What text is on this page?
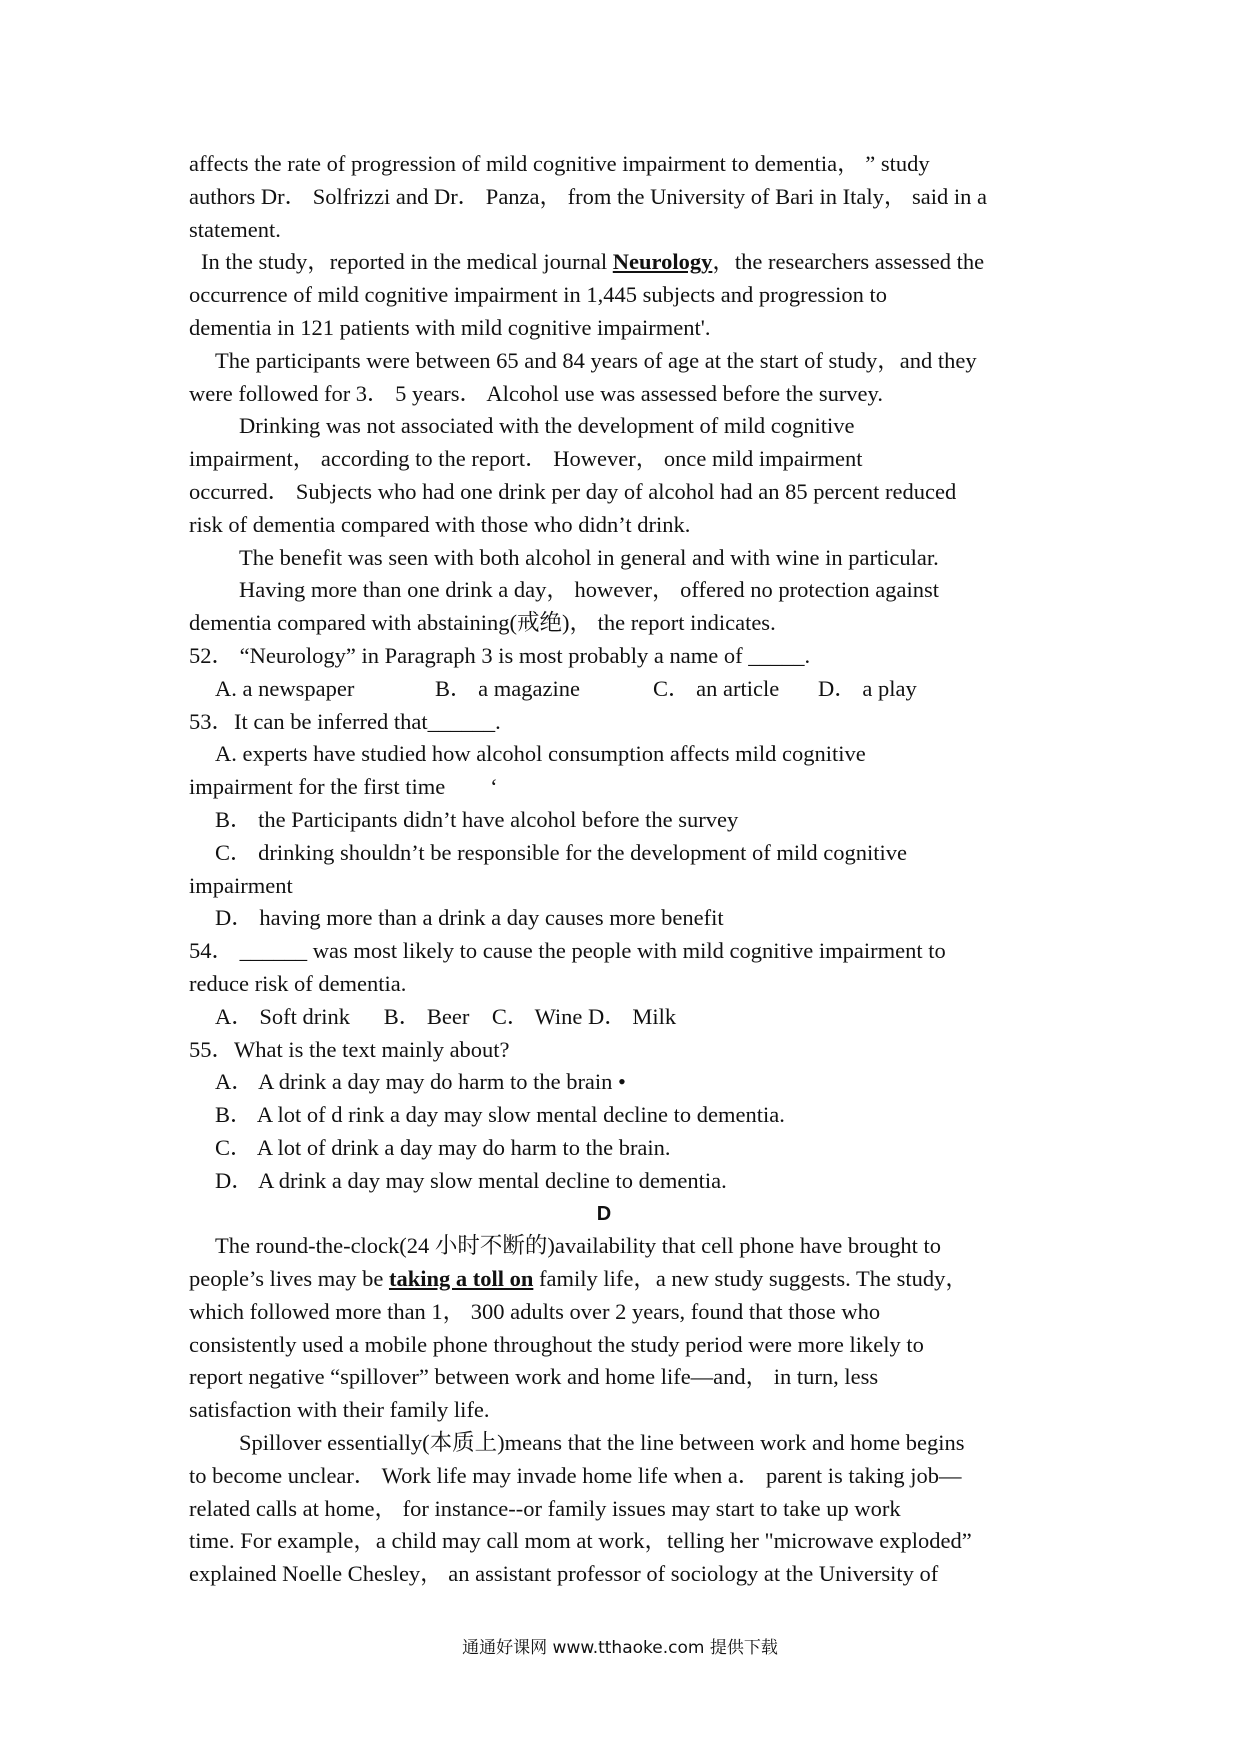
affects the rate of progression of mild cognitive impairment to dementia， ” study
authors Dr． Solfrizzi and Dr． Panza， from the University of Bari in Italy， said in a
statement.
In the study，reported in the medical journal Neurology，the researchers assessed the
occurrence of mild cognitive impairment in 1,445 subjects and progression to
dementia in 121 patients with mild cognitive impairment'.
The participants were between 65 and 84 years of age at the start of study，and they
were followed for 3． 5 years． Alcohol use was assessed before the survey.
Drinking was not associated with the development of mild cognitive
impairment， according to the report． However， once mild impairment
occurred． Subjects who had one drink per day of alcohol had an 85 percent reduced
risk of dementia compared with those who didn’t drink.
The benefit was seen with both alcohol in general and with wine in particular.
Having more than one drink a day， however， offered no protection against
dementia compared with abstaining(戒绝)， the report indicates.
52． “Neurology” in Paragraph 3 is most probably a name of _____.
A. a newspaper	B． a magazine	C． an article D． a play
53．It can be inferred that______.
A. experts have studied how alcohol consumption affects mild cognitive
impairment for the first time        ‘
B． the Participants didn’t have alcohol before the survey
C． drinking shouldn’t be responsible for the development of mild cognitive
impairment
D． having more than a drink a day causes more benefit
54． ______ was most likely to cause the people with mild cognitive impairment to
reduce risk of dementia.
A． Soft drink      B． Beer    C． Wine D． Milk
55．What is the text mainly about?
A． A drink a day may do harm to the brain •
B． A lot of d rink a day may slow mental decline to dementia.
C． A lot of drink a day may do harm to the brain.
D． A drink a day may slow mental decline to dementia.
D
The round-the-clock(24 小时不断的)availability that cell phone have brought to
people’s lives may be taking a toll on family life，a new study suggests. The study，
which followed more than 1， 300 adults over 2 years, found that those who
consistently used a mobile phone throughout the study period were more likely to
report negative “spillover” between work and home life—and， in turn, less
satisfaction with their family life.
Spillover essentially(本质上)means that the line between work and home begins
to become unclear． Work life may invade home life when a． parent is taking job—
related calls at home， for instance--or family issues may start to take up work
time. For example，a child may call mom at work，telling her "microwave exploded”
explained Noelle Chesley， an assistant professor of sociology at the University of
通通好课网 www.tthaoke.com 提供下载
